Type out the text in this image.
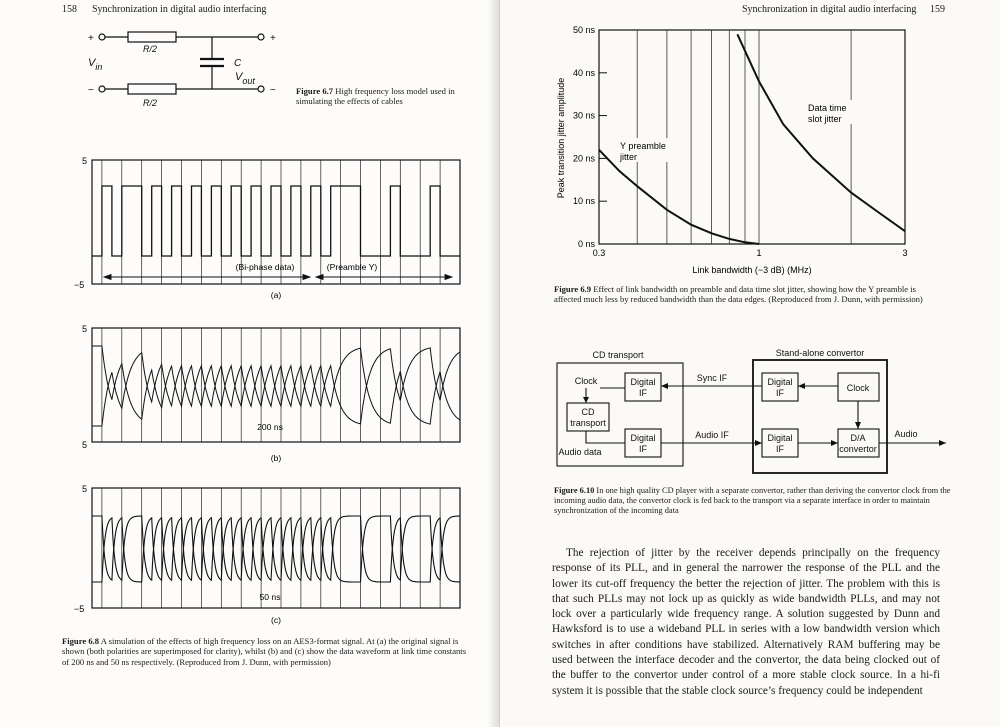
158 Synchronization in digital audio interfacing
+
−
+
−
R/2
R/2
C
$V_{in}$
$V_{out}$
Figure 6.7 High frequency loss model used in simulating the effects of cables
5
−5
(Bi-phase data)	(Preamble Y)
(a)
5
5
200 ns
(b)
5
−5
50 ns
(c)
Figure 6.8 A simulation of the effects of high frequency loss on an AES3-format signal. At (a) the original signal is shown (both polarities are superimposed for clarity), whilst (b) and (c) show the data waveform at link time constants of 200 ns and 50 ns respectively. (Reproduced from J. Dunn, with permission)
Synchronization in digital audio interfacing 159
50 ns
40 ns
30 ns
20 ns
10 ns
0 ns
0.3	1	3
Peak transition jitter amplitude
Link bandwidth (−3 dB) (MHz)
Y preamble
jitter
Data time
slot jitter
Figure 6.9 Effect of link bandwidth on preamble and data time slot jitter, showing how the Y preamble is affected much less by reduced bandwidth than the data edges. (Reproduced from J. Dunn, with permission)
CD transport	Stand-alone convertor
Clock
CD
transport
Digital
IF
Digital
IF
Digital
IF
Digital
IF
Audio data
Sync IF
Audio IF
Clock
D/A
convertor
Audio
Figure 6.10 In one high quality CD player with a separate convertor, rather than deriving the convertor clock from the incoming audio data, the convertor clock is fed back to the transport via a separate interface in order to maintain synchronization of the incoming data

The rejection of jitter by the receiver depends principally on the frequency response of its PLL, and in general the narrower the response of the PLL and the lower its cut-off frequency the better the rejection of jitter. The problem with this is that such PLLs may not lock up as quickly as wide bandwidth PLLs, and may not lock over a particularly wide frequency range. A solution suggested by Dunn and Hawksford is to use a wideband PLL in series with a low bandwidth version which switches in after conditions have stabilized. Alternatively RAM buffering may be used between the interface decoder and the convertor, the data being clocked out of the buffer to the convertor under control of a more stable clock source. In a hi-fi system it is possible that the stable clock source’s frequency could be independent
